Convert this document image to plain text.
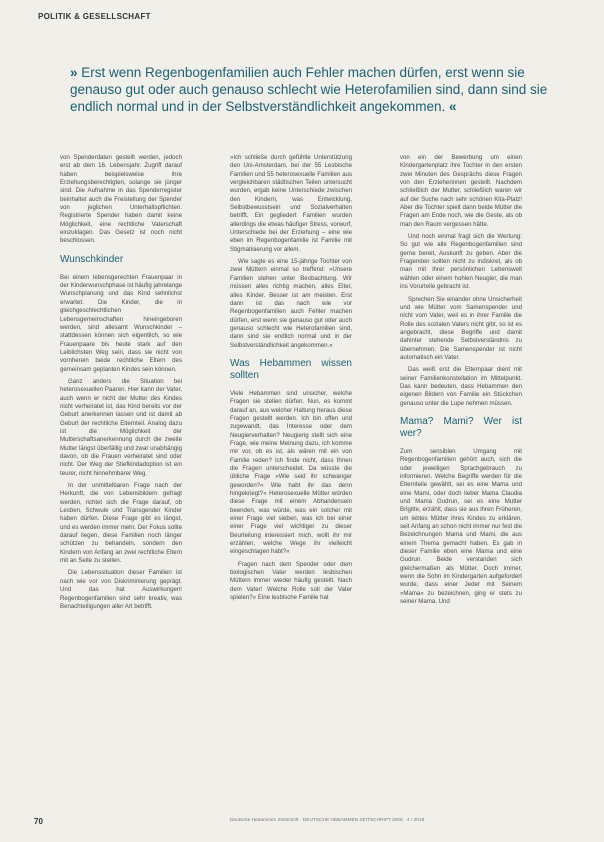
POLITIK & GESELLSCHAFT
» Erst wenn Regenbogenfamilien auch Fehler machen dürfen, erst wenn sie genauso gut oder auch genauso schlecht wie Heterofamilien sind, dann sind sie endlich normal und in der Selbstverständlichkeit angekommen. «

von Spenderdaten gestellt werden, jedoch erst ab dem 16. Lebensjahr. Zugriff darauf haben beispielsweise ihre Erziehungsberechtigten, solange sie jünger sind. Die Aufnahme in das Spenderregister beinhaltet auch die Freistellung der Spender von jeglichen Unterhaltspflichten. Registrierte Spender haben damit keine Möglichkeit, eine rechtliche Vaterschaft einzuklagen. Das Gesetz ist noch nicht beschlossen.

Wunschkinder

Bei einem lebensgerechten Frauenpaar in der Kinderwunschphase ist häufig jahrelange Wunschplanung und das Kind sehnlichst erwartet. Die Kinder, die in gleichgeschlechtlichen Lebensgemeinschaften hineingeboren werden, sind allesamt Wunschkinder – stattdessen können sich eigentlich, so wie Frauenpaare bis heute stark auf den Leiblichsten Weg sein, dass sie nicht von vornherein beide rechtliche Eltern des gemeinsam geplanten Kindes sein können.

Ganz anders die Situation bei heterosexuellen Paaren. Hier kann der Vater, auch wenn er nicht der Mutter des Kindes nicht verheiratet ist, das Kind bereits vor der Geburt anerkennen lassen und ist damit ab Geburt der rechtliche Elternteil. Analog dazu ist die Möglichkeit der Mutterschaftsanerkennung durch die zweite Mutter längst überfällig und zwar unabhängig davon, ob die Frauen verheiratet sind oder nicht. Der Weg der Stiefkindadoption ist ein teurer, nicht hinnehmbarer Weg.

In der unmittelbaren Frage nach der Herkunft, die von Lebensbildern gefragt werden, richtet sich die Frage darauf, ob Lesben, Schwule und Transgender Kinder haben dürfen. Diese Frage gibt es längst, und es werden immer mehr. Der Fokus sollte darauf liegen, diese Familien noch länger schützen zu behandeln, sondern den Kindern von Anfang an zwei rechtliche Eltern mit an Seite zu stellen.

Die Lebenssituation dieser Familien ist nach wie vor von Diskriminierung geprägt. Und das hat Auswirkungen! Regenbogenfamilien sind sehr kreativ, was Benachteiligungen aller Art betrifft.

»Ich schließe durch gefühlte Unterstützung den Uni-Amsterdam, bei der 55 Lesbische Familien und 55 heterosexuelle Familien aus vergleichbaren städtischen Teilen untersucht wurden, ergab keine Unterschiede zwischen den Kindern, was Entwicklung, Selbstbewusstsein und Sozialverhalten betrifft. Ein gegliedert Familien wurden allerdings die etwas häufiger Stress, vorwurf, Unterschiede bei der Erziehung – eine wie eben im Regenbogenfamilie ist Familie mit Stigmatisierung vor allem.

Wie sagte es eine 15-jährige Tochter von zwei Müttern einmal so treffend: »Unsere Familien stehen unter Beobachtung. Wir müssen alles richtig machen, alles Elter, alles Kinder. Besser ist am meisten. Erst dann ist das nach wie vor Regenbogenfamilien auch Fehler machen dürfen, erst wenn sie genauso gut oder auch genauso schlecht wie Heterofamilien sind, dann sind sie endlich normal und in der Selbstverständlichkeit angekommen.«

Was Hebammen wissen sollten

Viele Hebammen sind unsicher, welche Fragen sie stellen dürfen. Nun, es kommt darauf an, aus welcher Haltung heraus diese Fragen gestellt werden. Ich bin offen und zugewandt, das Interesse oder dem Neugierverhalten? Neugierig stellt sich eine Frage, wie meine Meinung dazu, ich komme mir vor, ob es ist, als wären mit ein von Familie reden? Ich finde nicht, dass Ihnen die Fragen unterscheidet. Da wüsste die übliche Frage »Wie seid ihr schwanger geworden?« Wie habt ihr das denn hingekriegt?« Heterosexuelle Mütter würden diese Frage mit einem Abhandensein beenden, was würde, was ein solcher mit einer Frage viel sieben, was ich bei einer einer Frage viel wichtiger zu dieser Beurteilung interessiert mich, wollt ihr mir erzählen, welche Wege ihr vielleicht eingeschlagen habt?«

Fragen nach dem Spender oder dem biologischen Vater werden lesbischen Müttern immer wieder häufig gestellt. Nach dem Vater! Welche Rolle soll der Vater spielen?« Eine lesbische Familie hat

von ein der Bewerbung um einen Kindergartenplatz ihre Tochter in den ersten zwei Minuten des Gesprächs diese Fragen von den Erzieherinnen gestellt. Nachdem schließlich der Mutter, schließlich waren wir auf der Suche nach sehr schönen Kita-Platz! Aber die Tochter spielt dann beide Mütter die Fragen am Ende noch, wie die Geste, als ob man den Raum vergessen hätte.

Und noch einmal fragt sich die Wertung: So gut wie alle Regenbogenfamilien sind gerne bereit, Auskunft zu geben. Aber die Fragenden sollten nicht zu indiskret, als ob man mit ihrer persönlichen Lebenswelt wählen oder einem hohlen Neugier, die man ins Vorurteile gebracht ist.

Sprechen Sie einander ohne Unsicherheit und wie Mütter vom Samenspender und nicht vom Vater, weil es in ihrer Familie die Rolle des sozialen Vaters nicht gibt, so ist es angebracht, diese Begriffe und damit dahinter stehende Selbstverständnis zu übernehmen. Die Samenspender ist nicht automatisch ein Vater.

Das weiß erst die Elternpaar dient mit seiner Familienkonstellation im Mittelpunkt. Das kann bedeuten, dass Hebammen den eigenen Bildern von Familie ein Stückchen genauso unter die Lupe nehmen müssen.

Mama? Mami? Wer ist wer?

Zum sensiblen Umgang mit Regenbogenfamilien gehört auch, sich die oder jeweiligen Sprachgebrauch zu informieren. Welche Begriffe werden für die Elternteile gewählt, sei es eine Mama und eine Mami, oder doch lieber Mama Claudia und Mama Gudrun, sei es eine Mutter Brigitte, erzählt, dass sie aus ihren Früheren, um lebtes Mütter ihres Kindes zu erklären, seit Anfang an schon nicht immer nur fest die Bezeichnungen Mama und Mami, die aus einem Thema gemacht haben. Es gab in dieser Familie eben eine Mama und eine Gudrun. Beide verstanden sich gleichermaßen als Mütter. Doch immer, wenn die Sohn im Kindergarten aufgefordert wurde, dass einer Jeder mit Seinem »Mama« zu bezeichnen, ging er stets zu seiner Mama. Und

70	Deutsche Hebammen Zeitschrift · DEUTSCHE HEBAMMEN ZEITSCHRIFT 2008 · 4 / 2018
